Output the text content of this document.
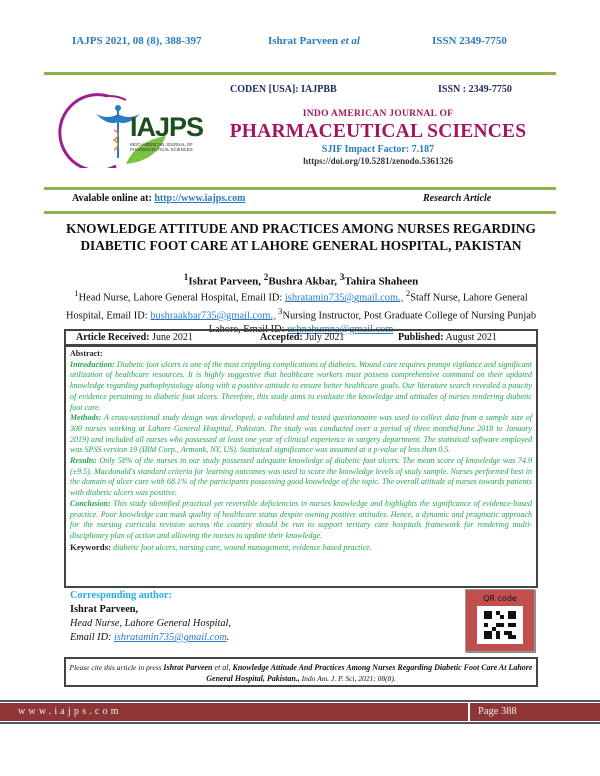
IAJPS 2021, 08 (8), 388-397	Ishrat Parveen et al	ISSN 2349-7750
IAJPS
INDO AMERICAN JOURNAL OF
PHARMACEUTICAL SCIENCES
CODEN [USA]: IAJPBB	ISSN : 2349-7750
INDO AMERICAN JOURNAL OF
PHARMACEUTICAL SCIENCES
SJIF Impact Factor: 7.187
https://doi.org/10.5281/zenodo.5361326
Avalable online at: http://www.iajps.com	Research Article
KNOWLEDGE ATTITUDE AND PRACTICES AMONG NURSES REGARDING DIABETIC FOOT CARE AT LAHORE GENERAL HOSPITAL, PAKISTAN
$^1$Ishrat Parveen, $^2$Bushra Akbar, $^3$Tahira Shaheen
$^1$Head Nurse, Lahore General Hospital, Email ID: ishratamin735@gmail.com., $^2$Staff Nurse, Lahore General Hospital, Email ID: bushraakbar735@gmail.com., $^3$Nursing Instructor, Post Graduate College of Nursing Punjab Lahore, Email ID: ushnahumna@gmail.com
Article Received: June 2021	Accepted: July 2021	Published: August 2021
Abstract:
Introduction: Diabetic foot ulcers is one of the most crippling complications of diabetes. Wound care requires prompt vigilance and significant utilization of healthcare resources. It is highly suggestive that healthcare workers must possess comprehensive command on their updated knowledge regarding pathophysiology along with a positive attitude to ensure better healthcare goals. Our literature search revealed a paucity of evidence pertaining to diabetic foot ulcers. Therefore, this study aims to evaluate the knowledge and attitudes of nurses rendering diabetic foot care.
Methods: A cross-sectional study design was developed, a validated and tested questionnaire was used to collect data from a sample size of 300 nurses working at Lahore General Hospital, Pakistan. The study was conducted over a period of three months(June 2018 to January 2019) and included all nurses who possessed at least one year of clinical experience in surgery department. The statistical software employed was SPSS version 19 (IBM Corp., Armonk, NY, US). Statistical significance was assumed at a p-value of less than 0.5.
Results: Only 58% of the nurses in our study possessed adequate knowledge of diabetic foot ulcers. The mean score of knowledge was 74.9 (±9.5). Macdonald's standard criteria for learning outcomes was used to score the knowledge levels of study sample. Nurses performed best in the domain of ulcer care with 68.1% of the participants possessing good knowledge of the topic. The overall attitude of nurses towards patients with diabetic ulcers was positive.
Conclusion: This study identified practical yet reversible deficiencies in nurses knowledge and highlights the significance of evidence-based practice. Poor knowledge can mask quality of healthcare status despite owning positive attitudes. Hence, a dynamic and pragmatic approach for the nursing curricula revision across the country should be run to support tertiary care hospitals framework for rendering multi-disciplinary plan of action and allowing the nurses to update their knowledge.
Keywords: diabetic foot ulcers, nursing care, wound management, evidence based practice.
Corresponding author:
Ishrat Parveen,
Head Nurse, Lahore General Hospital,
Email ID: ishratamin735@gmail.com.
QR code
Please cite this article in press Ishrat Parveen et al, Knowledge Attitude And Practices Among Nurses Regarding Diabetic Foot Care At Lahore General Hospital, Pakistan., Indo Am. J. P. Sci, 2021; 08(8).
www.iajps.com	Page 388
